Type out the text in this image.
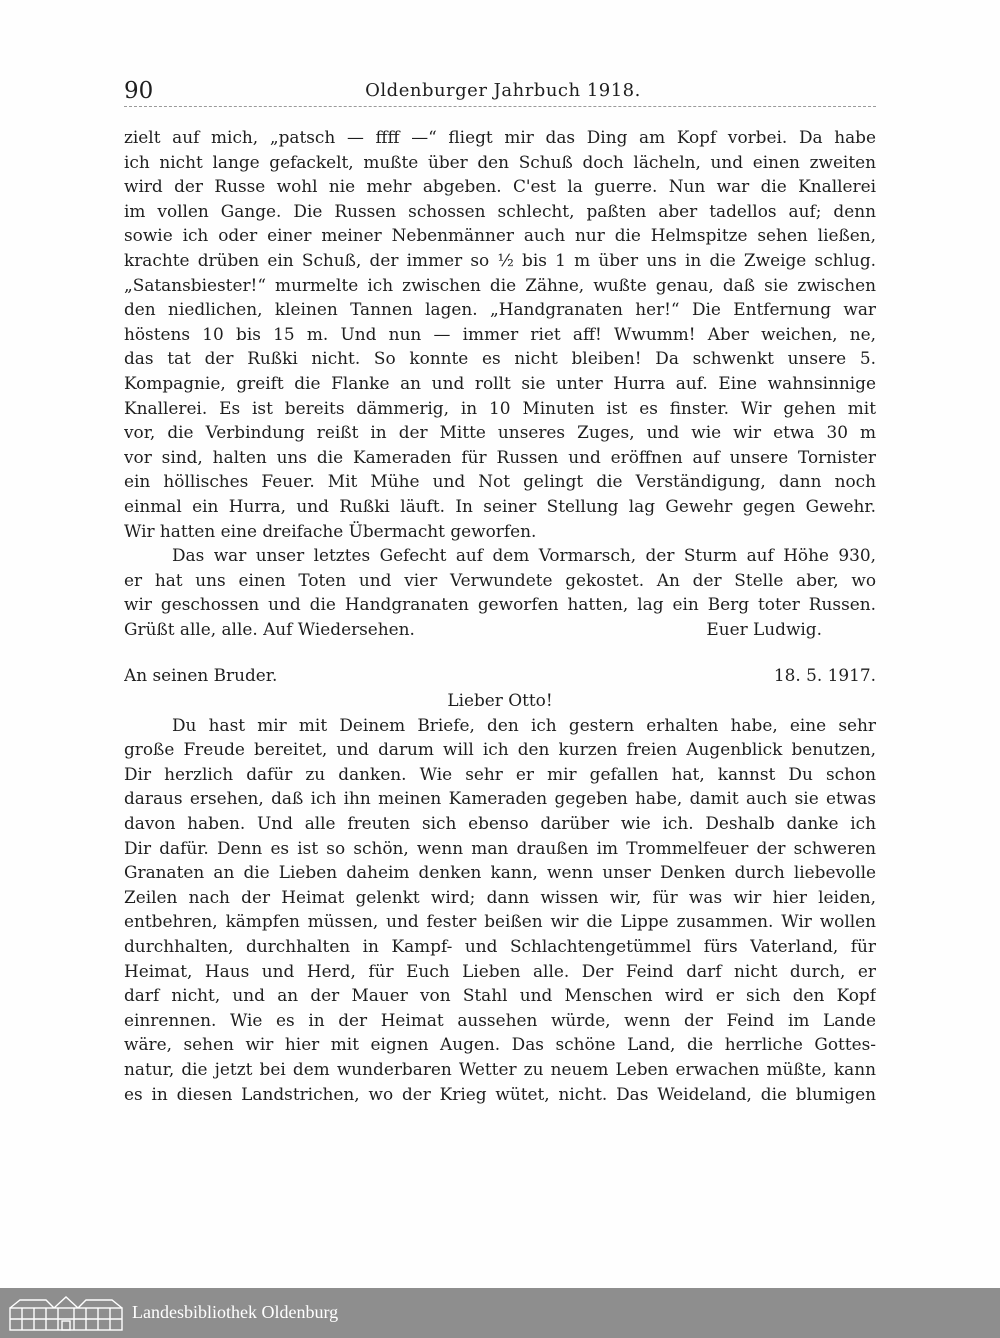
90	Oldenburger Jahrbuch 1918.
zielt auf mich, „patsch — ffff —“ fliegt mir das Ding am Kopf vorbei. Da habe
ich nicht lange gefackelt, mußte über den Schuß doch lächeln, und einen zweiten
wird der Russe wohl nie mehr abgeben. C'est la guerre. Nun war die Knallerei
im vollen Gange. Die Russen schossen schlecht, paßten aber tadellos auf; denn
sowie ich oder einer meiner Nebenmänner auch nur die Helmspitze sehen ließen,
krachte drüben ein Schuß, der immer so ½ bis 1 m über uns in die Zweige schlug.
„Satansbiester!“ murmelte ich zwischen die Zähne, wußte genau, daß sie zwischen
den niedlichen, kleinen Tannen lagen. „Handgranaten her!“ Die Entfernung war
höstens 10 bis 15 m. Und nun — immer riet aff! Wwumm! Aber weichen, ne,
das tat der Rußki nicht. So konnte es nicht bleiben! Da schwenkt unsere 5.
Kompagnie, greift die Flanke an und rollt sie unter Hurra auf. Eine wahnsinnige
Knallerei. Es ist bereits dämmerig, in 10 Minuten ist es finster. Wir gehen mit
vor, die Verbindung reißt in der Mitte unseres Zuges, und wie wir etwa 30 m
vor sind, halten uns die Kameraden für Russen und eröffnen auf unsere Tornister
ein höllisches Feuer. Mit Mühe und Not gelingt die Verständigung, dann noch
einmal ein Hurra, und Rußki läuft. In seiner Stellung lag Gewehr gegen Gewehr.
Wir hatten eine dreifache Übermacht geworfen.
Das war unser letztes Gefecht auf dem Vormarsch, der Sturm auf Höhe 930,
er hat uns einen Toten und vier Verwundete gekostet. An der Stelle aber, wo
wir geschossen und die Handgranaten geworfen hatten, lag ein Berg toter Russen.
Grüßt alle, alle. Auf Wiedersehen.	Euer Ludwig.
An seinen Bruder.	18. 5. 1917.
Lieber Otto!
Du hast mir mit Deinem Briefe, den ich gestern erhalten habe, eine sehr
große Freude bereitet, und darum will ich den kurzen freien Augenblick benutzen,
Dir herzlich dafür zu danken. Wie sehr er mir gefallen hat, kannst Du schon
daraus ersehen, daß ich ihn meinen Kameraden gegeben habe, damit auch sie etwas
davon haben. Und alle freuten sich ebenso darüber wie ich. Deshalb danke ich
Dir dafür. Denn es ist so schön, wenn man draußen im Trommelfeuer der schweren
Granaten an die Lieben daheim denken kann, wenn unser Denken durch liebevolle
Zeilen nach der Heimat gelenkt wird; dann wissen wir, für was wir hier leiden,
entbehren, kämpfen müssen, und fester beißen wir die Lippe zusammen. Wir wollen
durchhalten, durchhalten in Kampf- und Schlachtengetümmel fürs Vaterland, für
Heimat, Haus und Herd, für Euch Lieben alle. Der Feind darf nicht durch, er
darf nicht, und an der Mauer von Stahl und Menschen wird er sich den Kopf
einrennen. Wie es in der Heimat aussehen würde, wenn der Feind im Lande
wäre, sehen wir hier mit eignen Augen. Das schöne Land, die herrliche Gottes-
natur, die jetzt bei dem wunderbaren Wetter zu neuem Leben erwachen müßte, kann
es in diesen Landstrichen, wo der Krieg wütet, nicht. Das Weideland, die blumigen
Landesbibliothek Oldenburg
